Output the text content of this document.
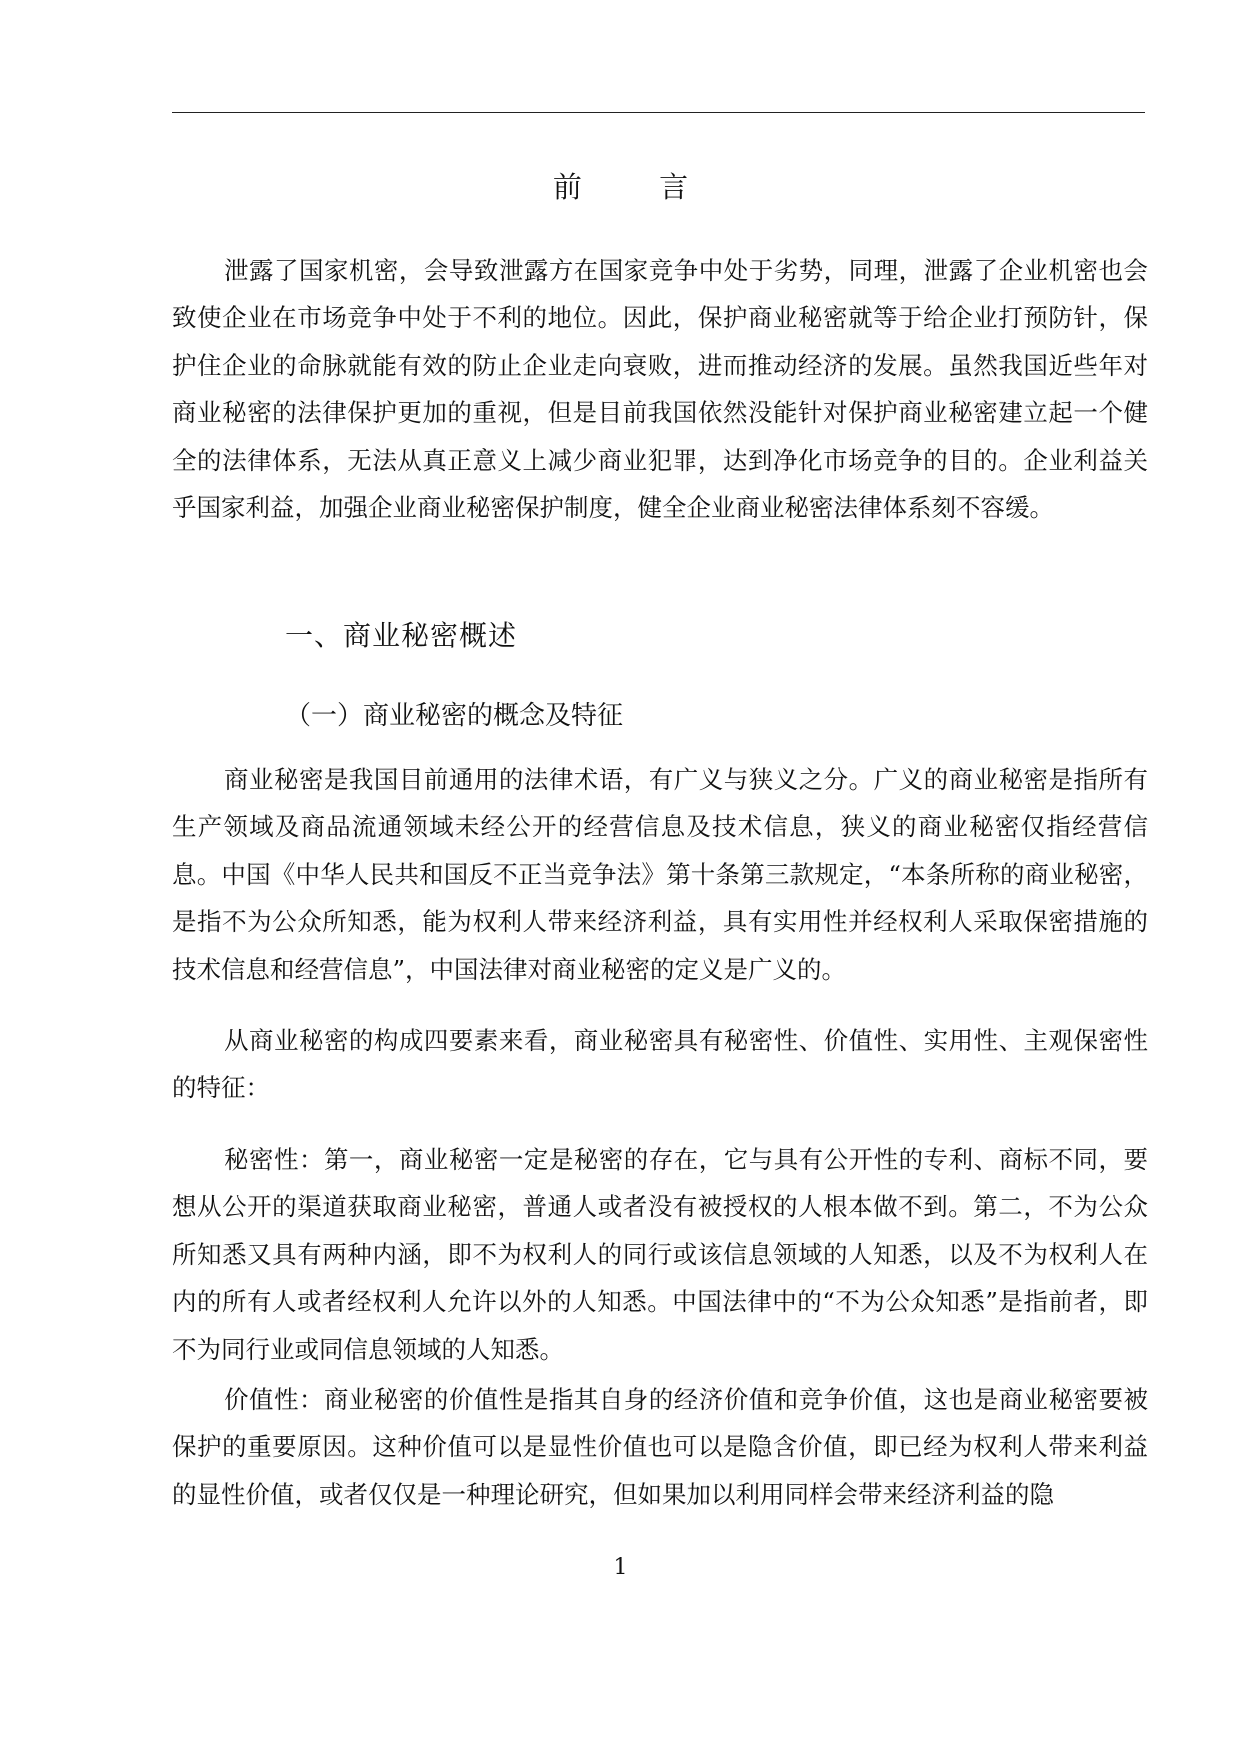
前 言

泄露了国家机密，会导致泄露方在国家竞争中处于劣势，同理，泄露了企业机密也会致使企业在市场竞争中处于不利的地位。因此，保护商业秘密就等于给企业打预防针，保护住企业的命脉就能有效的防止企业走向衰败，进而推动经济的发展。虽然我国近些年对商业秘密的法律保护更加的重视，但是目前我国依然没能针对保护商业秘密建立起一个健全的法律体系，无法从真正意义上减少商业犯罪，达到净化市场竞争的目的。企业利益关乎国家利益，加强企业商业秘密保护制度，健全企业商业秘密法律体系刻不容缓。

一、商业秘密概述
（一）商业秘密的概念及特征

商业秘密是我国目前通用的法律术语，有广义与狭义之分。广义的商业秘密是指所有生产领域及商品流通领域未经公开的经营信息及技术信息，狭义的商业秘密仅指经营信息。中国《中华人民共和国反不正当竞争法》第十条第三款规定，“本条所称的商业秘密，是指不为公众所知悉，能为权利人带来经济利益，具有实用性并经权利人采取保密措施的技术信息和经营信息”，中国法律对商业秘密的定义是广义的。

从商业秘密的构成四要素来看，商业秘密具有秘密性、价值性、实用性、主观保密性的特征：

秘密性：第一，商业秘密一定是秘密的存在，它与具有公开性的专利、商标不同，要想从公开的渠道获取商业秘密，普通人或者没有被授权的人根本做不到。第二，不为公众所知悉又具有两种内涵，即不为权利人的同行或该信息领域的人知悉，以及不为权利人在内的所有人或者经权利人允许以外的人知悉。中国法律中的“不为公众知悉”是指前者，即不为同行业或同信息领域的人知悉。

价值性：商业秘密的价值性是指其自身的经济价值和竞争价值，这也是商业秘密要被保护的重要原因。这种价值可以是显性价值也可以是隐含价值，即已经为权利人带来利益的显性价值，或者仅仅是一种理论研究，但如果加以利用同样会带来经济利益的隐

1
